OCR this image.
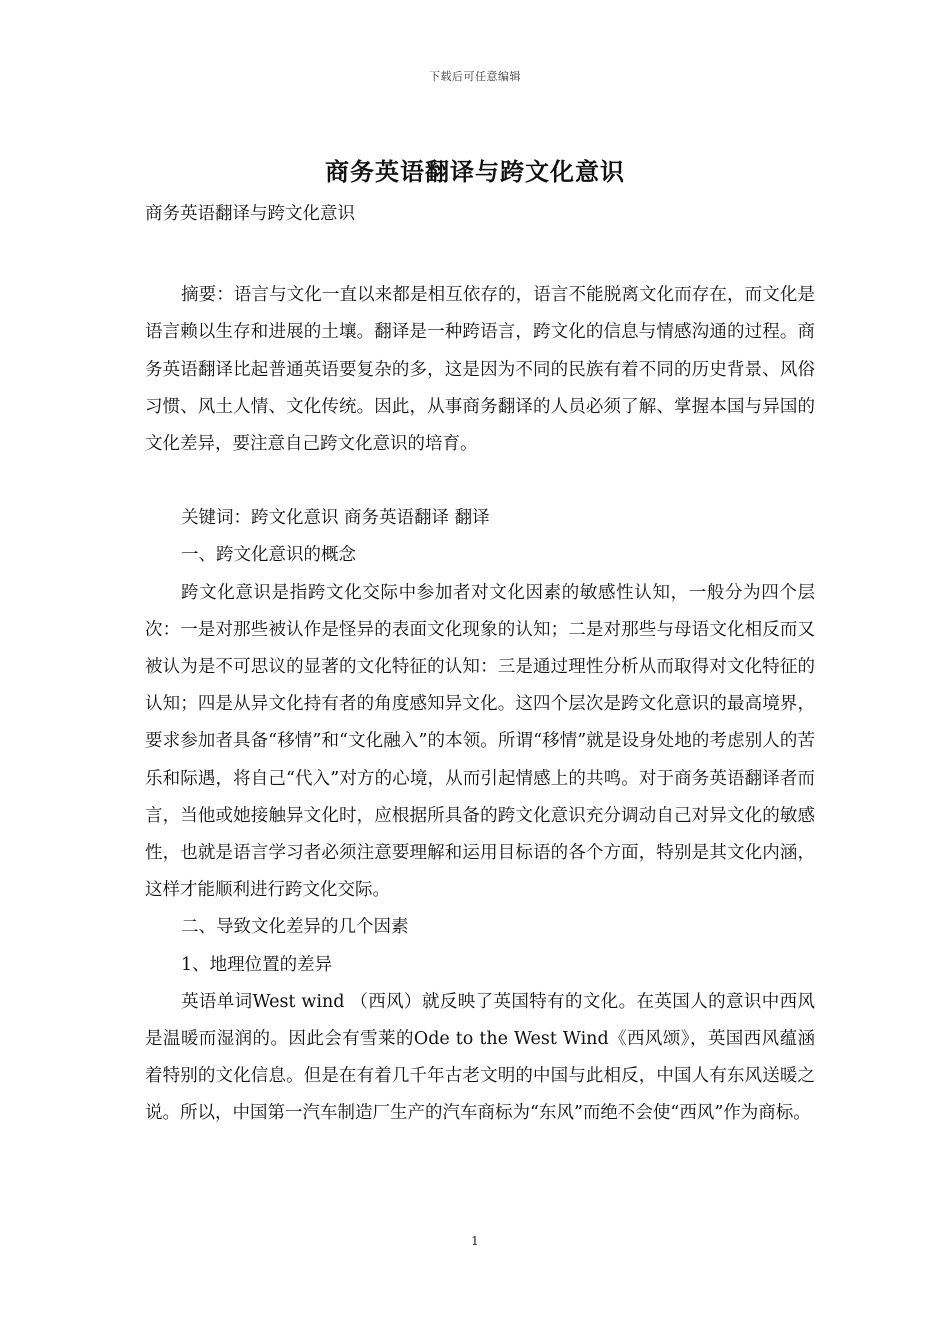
下载后可任意编辑
商务英语翻译与跨文化意识

商务英语翻译与跨文化意识

摘要：语言与文化一直以来都是相互依存的，语言不能脱离文化而存在，而文化是语言赖以生存和进展的土壤。翻译是一种跨语言，跨文化的信息与情感沟通的过程。商务英语翻译比起普通英语要复杂的多，这是因为不同的民族有着不同的历史背景、风俗习惯、风土人情、文化传统。因此，从事商务翻译的人员必须了解、掌握本国与异国的文化差异，要注意自己跨文化意识的培育。

关键词：跨文化意识 商务英语翻译 翻译

一、跨文化意识的概念

跨文化意识是指跨文化交际中参加者对文化因素的敏感性认知，一般分为四个层次：一是对那些被认作是怪异的表面文化现象的认知；二是对那些与母语文化相反而又被认为是不可思议的显著的文化特征的认知：三是通过理性分析从而取得对文化特征的认知；四是从异文化持有者的角度感知异文化。这四个层次是跨文化意识的最高境界，要求参加者具备“移情”和“文化融入”的本领。所谓“移情”就是设身处地的考虑别人的苦乐和际遇，将自己“代入”对方的心境，从而引起情感上的共鸣。对于商务英语翻译者而言，当他或她接触异文化时，应根据所具备的跨文化意识充分调动自己对异文化的敏感性，也就是语言学习者必须注意要理解和运用目标语的各个方面，特别是其文化内涵，这样才能顺利进行跨文化交际。

二、导致文化差异的几个因素

1、地理位置的差异

英语单词West wind （西风）就反映了英国特有的文化。在英国人的意识中西风是温暖而湿润的。因此会有雪莱的Ode to the West Wind《西风颂》，英国西风蕴涵着特别的文化信息。但是在有着几千年古老文明的中国与此相反，中国人有东风送暖之说。所以，中国第一汽车制造厂生产的汽车商标为“东风”而绝不会使“西风”作为商标。

1
